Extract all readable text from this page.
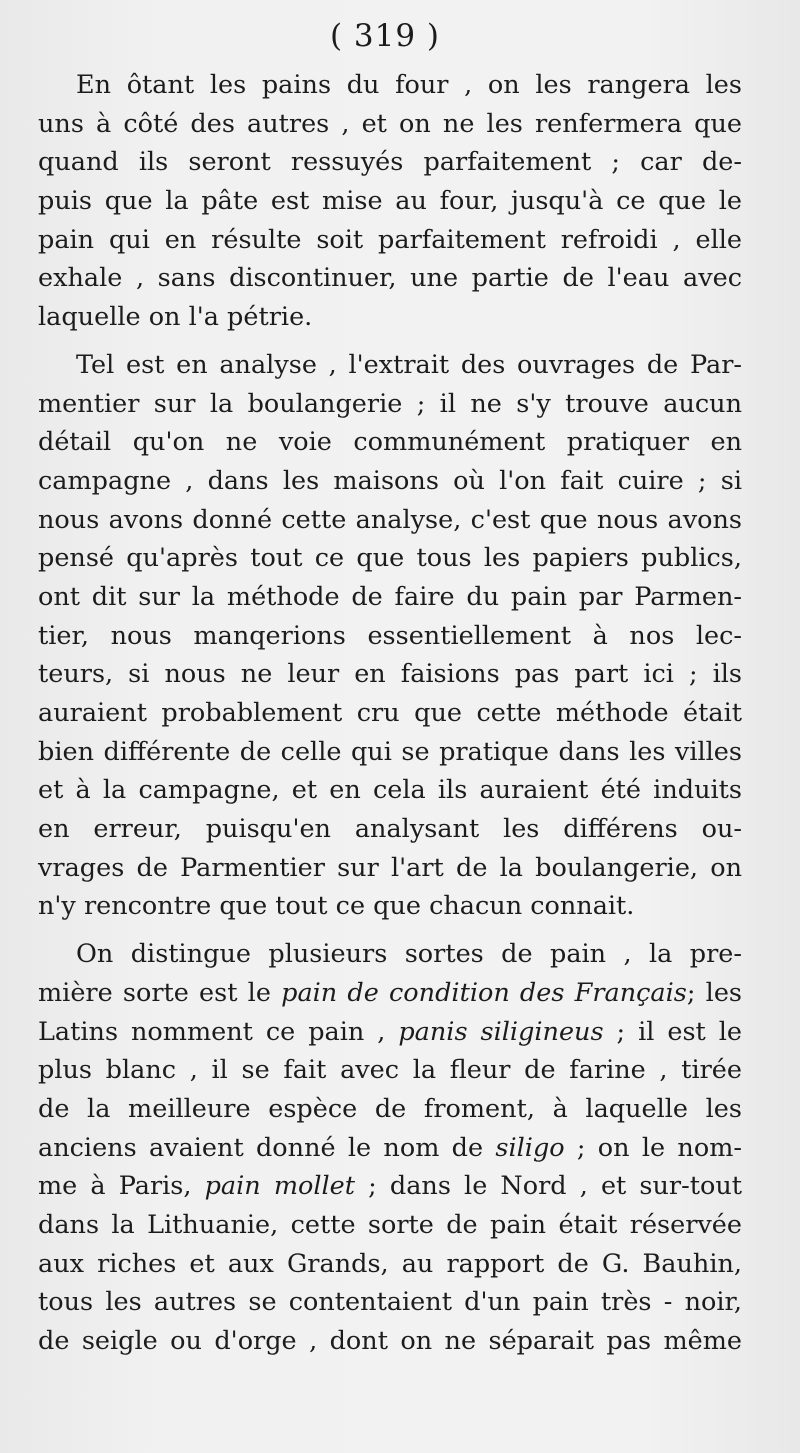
( 319 )
En ôtant les pains du four , on les rangera les
uns à côté des autres , et on ne les renfermera que
quand ils seront ressuyés parfaitement ; car de-
puis que la pâte est mise au four, jusqu'à ce que le
pain qui en résulte soit parfaitement refroidi , elle
exhale , sans discontinuer, une partie de l'eau avec
laquelle on l'a pétrie.
Tel est en analyse , l'extrait des ouvrages de Par-
mentier sur la boulangerie ; il ne s'y trouve aucun
détail qu'on ne voie communément pratiquer en
campagne , dans les maisons où l'on fait cuire ; si
nous avons donné cette analyse, c'est que nous avons
pensé qu'après tout ce que tous les papiers publics,
ont dit sur la méthode de faire du pain par Parmen-
tier, nous manqerions essentiellement à nos lec-
teurs, si nous ne leur en faisions pas part ici ; ils
auraient probablement cru que cette méthode était
bien différente de celle qui se pratique dans les villes
et à la campagne, et en cela ils auraient été induits
en erreur, puisqu'en analysant les différens ou-
vrages de Parmentier sur l'art de la boulangerie, on
n'y rencontre que tout ce que chacun connait.
On distingue plusieurs sortes de pain , la pre-
mière sorte est le pain de condition des Français; les
Latins nomment ce pain , panis siligineus ; il est le
plus blanc , il se fait avec la fleur de farine , tirée
de la meilleure espèce de froment, à laquelle les
anciens avaient donné le nom de siligo ; on le nom-
me à Paris, pain mollet ; dans le Nord , et sur-tout
dans la Lithuanie, cette sorte de pain était réservée
aux riches et aux Grands, au rapport de G. Bauhin,
tous les autres se contentaient d'un pain très - noir,
de seigle ou d'orge , dont on ne séparait pas même
